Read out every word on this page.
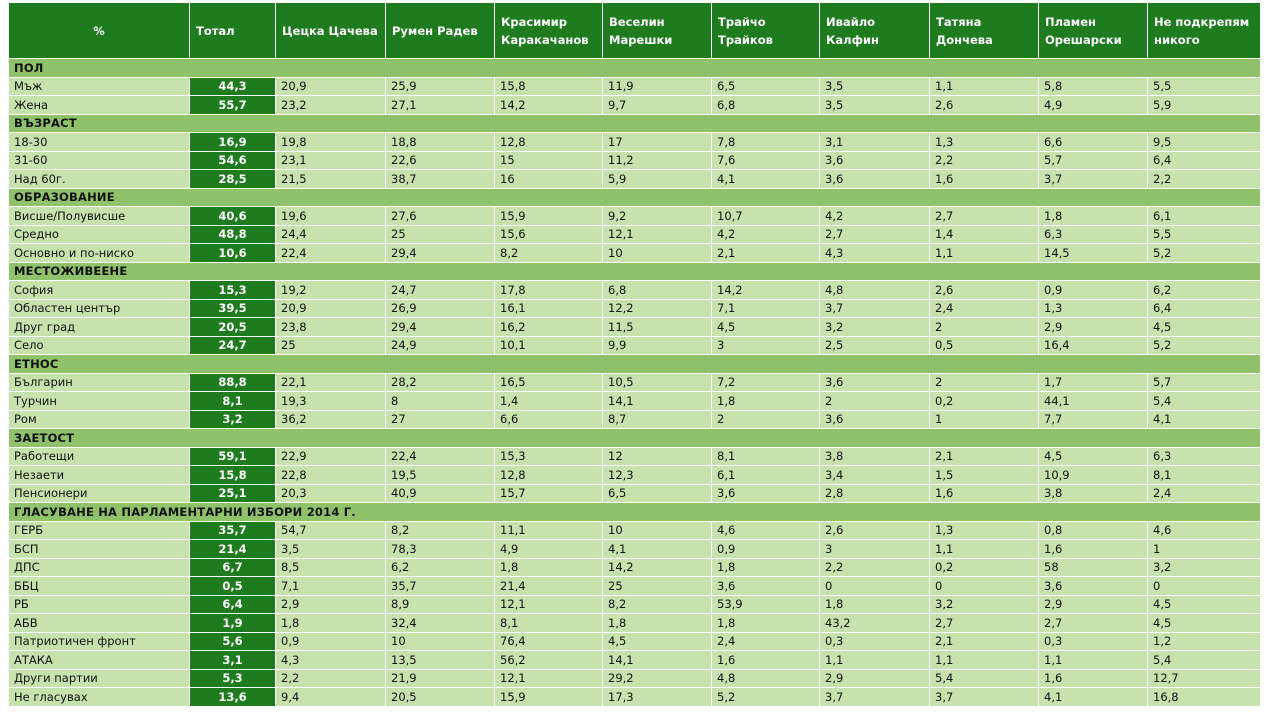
%	Тотал	Цецка Цачева	Румен Радев	Красимир Каракачанов	Веселин Марешки	Трайчо Трайков	Ивайло Калфин	Татяна Дончева	Пламен Орешарски	Не подкрепям никого
ПОЛ										
Мъж	44,3	20,9	25,9	15,8	11,9	6,5	3,5	1,1	5,8	5,5
Жена	55,7	23,2	27,1	14,2	9,7	6,8	3,5	2,6	4,9	5,9
ВЪЗРАСТ										
18-30	16,9	19,8	18,8	12,8	17	7,8	3,1	1,3	6,6	9,5
31-60	54,6	23,1	22,6	15	11,2	7,6	3,6	2,2	5,7	6,4
Над 60г.	28,5	21,5	38,7	16	5,9	4,1	3,6	1,6	3,7	2,2
ОБРАЗОВАНИЕ										
Висше/Полувисше	40,6	19,6	27,6	15,9	9,2	10,7	4,2	2,7	1,8	6,1
Средно	48,8	24,4	25	15,6	12,1	4,2	2,7	1,4	6,3	5,5
Основно и по-ниско	10,6	22,4	29,4	8,2	10	2,1	4,3	1,1	14,5	5,2
МЕСТОЖИВЕЕНЕ										
София	15,3	19,2	24,7	17,8	6,8	14,2	4,8	2,6	0,9	6,2
Областен център	39,5	20,9	26,9	16,1	12,2	7,1	3,7	2,4	1,3	6,4
Друг град	20,5	23,8	29,4	16,2	11,5	4,5	3,2	2	2,9	4,5
Село	24,7	25	24,9	10,1	9,9	3	2,5	0,5	16,4	5,2
ЕТНОС										
Българин	88,8	22,1	28,2	16,5	10,5	7,2	3,6	2	1,7	5,7
Турчин	8,1	19,3	8	1,4	14,1	1,8	2	0,2	44,1	5,4
Ром	3,2	36,2	27	6,6	8,7	2	3,6	1	7,7	4,1
ЗАЕТОСТ										
Работещи	59,1	22,9	22,4	15,3	12	8,1	3,8	2,1	4,5	6,3
Незаети	15,8	22,8	19,5	12,8	12,3	6,1	3,4	1,5	10,9	8,1
Пенсионери	25,1	20,3	40,9	15,7	6,5	3,6	2,8	1,6	3,8	2,4
ГЛАСУВАНЕ НА ПАРЛАМЕНТАРНИ ИЗБОРИ 2014 Г.										
ГЕРБ	35,7	54,7	8,2	11,1	10	4,6	2,6	1,3	0,8	4,6
БСП	21,4	3,5	78,3	4,9	4,1	0,9	3	1,1	1,6	1
ДПС	6,7	8,5	6,2	1,8	14,2	1,8	2,2	0,2	58	3,2
ББЦ	0,5	7,1	35,7	21,4	25	3,6	0	0	3,6	0
РБ	6,4	2,9	8,9	12,1	8,2	53,9	1,8	3,2	2,9	4,5
АБВ	1,9	1,8	32,4	8,1	1,8	1,8	43,2	2,7	2,7	4,5
Патриотичен фронт	5,6	0,9	10	76,4	4,5	2,4	0,3	2,1	0,3	1,2
АТАКА	3,1	4,3	13,5	56,2	14,1	1,6	1,1	1,1	1,1	5,4
Други партии	5,3	2,2	21,9	12,1	29,2	4,8	2,9	5,4	1,6	12,7
Не гласувах	13,6	9,4	20,5	15,9	17,3	5,2	3,7	3,7	4,1	16,8
